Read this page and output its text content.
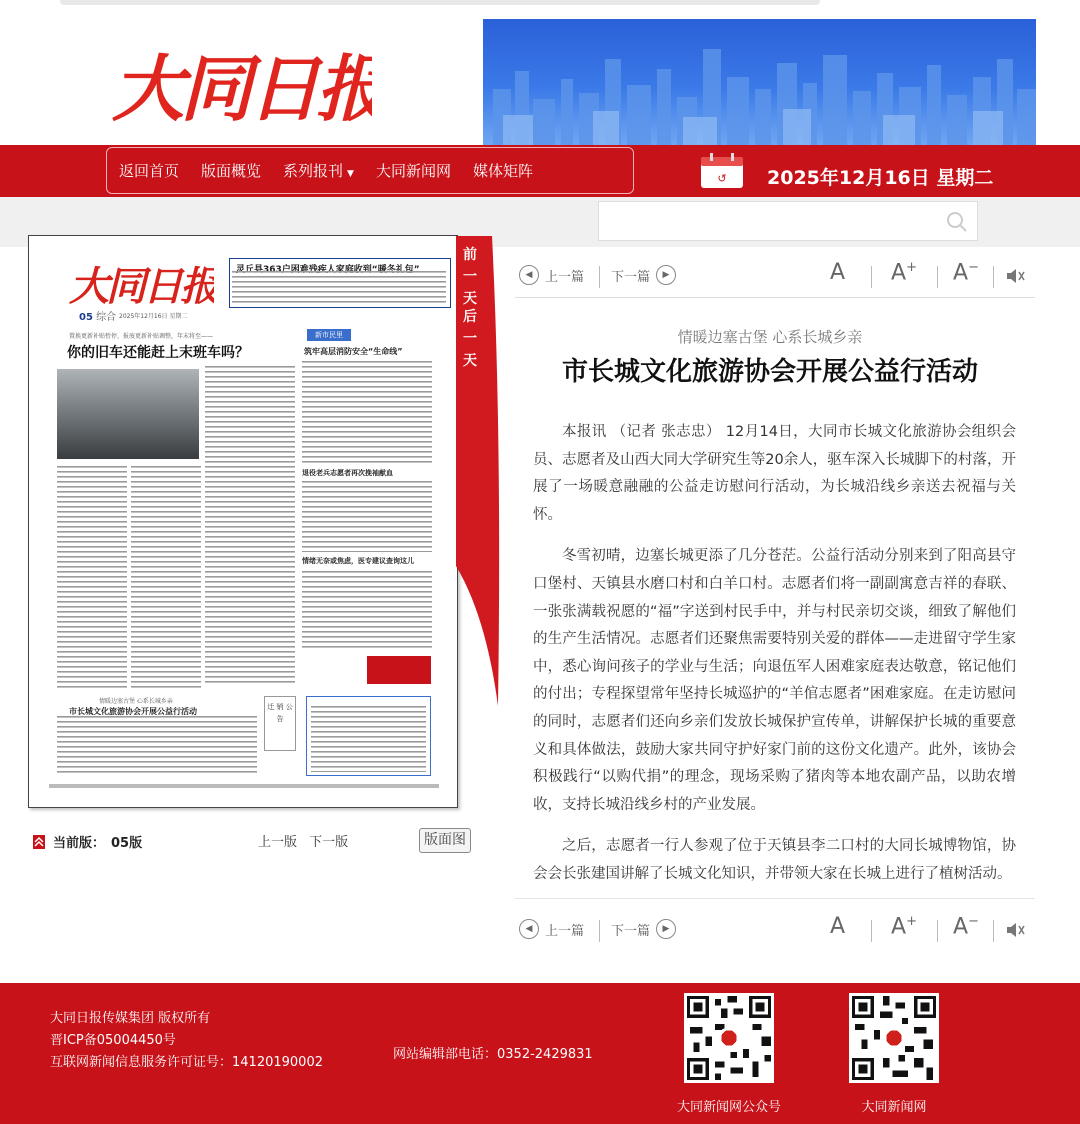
大同日报
返回首页 版面概览 系列报刊 ▼ 大同新闻网 媒体矩阵	↺ 2025年12月16日 星期二
大同日报
05 综合 2025年12月16日 星期二
置换更新补贴暂停，报废更新补贴调整，年末将至——
你的旧车还能赶上末班车吗？
新市民里
筑牢高层消防安全“生命线”
退役老兵志愿者再次挽袖献血
情绪无奈或焦虑，医专建议查询这儿
情暖边塞古堡 心系长城乡亲
市长城文化旅游协会开展公益行活动	迁 销 公 告
前
一
天
后
一
天
当前版： 05版	上一版 下一版	版面图
◀ 上一篇 下一篇	▶	A A+ A−
情暖边塞古堡 心系长城乡亲
市长城文化旅游协会开展公益行活动

本报讯 （记者 张志忠） 12月14日，大同市长城文化旅游协会组织会员、志愿者及山西大同大学研究生等20余人，驱车深入长城脚下的村落，开展了一场暖意融融的公益走访慰问行活动，为长城沿线乡亲送去祝福与关怀。

冬雪初晴，边塞长城更添了几分苍茫。公益行活动分别来到了阳高县守口堡村、天镇县水磨口村和白羊口村。志愿者们将一副副寓意吉祥的春联、一张张满载祝愿的“福”字送到村民手中，并与村民亲切交谈，细致了解他们的生产生活情况。志愿者们还聚焦需要特别关爱的群体——走进留守学生家中，悉心询问孩子的学业与生活；向退伍军人困难家庭表达敬意，铭记他们的付出；专程探望常年坚持长城巡护的“羊倌志愿者”困难家庭。在走访慰问的同时，志愿者们还向乡亲们发放长城保护宣传单，讲解保护长城的重要意义和具体做法，鼓励大家共同守护好家门前的这份文化遗产。此外，该协会积极践行“以购代捐”的理念，现场采购了猪肉等本地农副产品，以助农增收，支持长城沿线乡村的产业发展。

之后，志愿者一行人参观了位于天镇县李二口村的大同长城博物馆，协会会长张建国讲解了长城文化知识，并带领大家在长城上进行了植树活动。

◀ 上一篇 下一篇	▶	A A+ A−
大同日报传媒集团 版权所有
晋ICP备05004450号
互联网新闻信息服务许可证号：14120190002
网站编辑部电话：0352-2429831
大同新闻网公众号	大同新闻网
